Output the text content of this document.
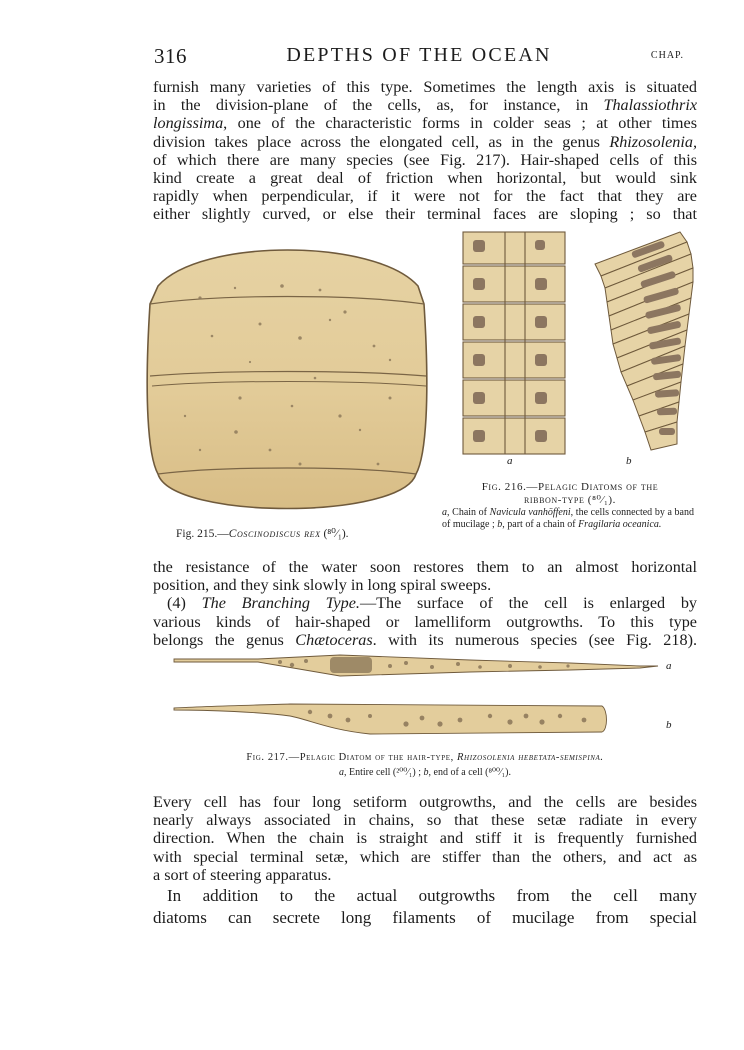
316	DEPTHS OF THE OCEAN	CHAP.
furnish many varieties of this type. Sometimes the length axis is situated
in the division-plane of the cells, as, for instance, in Thalassiothrix
longissima, one of the characteristic forms in colder seas ; at other times
division takes place across the elongated cell, as in the genus Rhizosolenia,
of which there are many species (see Fig. 217). Hair-shaped cells of this
kind create a great deal of friction when horizontal, but would sink
rapidly when perpendicular, if it were not for the fact that they are
either slightly curved, or else their terminal faces are sloping ; so that
Fig. 215.—Coscinodiscus rex (⁸⁰⁄₁).
a	b
Fig. 216.—Pelagic Diatoms of the
ribbon-type (⁸⁰⁄₁).
a, Chain of Navicula vanhöffeni, the cells connected by a band of mucilage ; b, part of a chain of Fragilaria oceanica.
the resistance of the water soon restores them to an almost horizontal
position, and they sink slowly in long spiral sweeps.
(4) The Branching Type.—The surface of the cell is enlarged by
various kinds of hair-shaped or lamelliform outgrowths. To this type
belongs the genus Chætoceras. with its numerous species (see Fig. 218).
a
b
Fig. 217.—Pelagic Diatom of the hair-type, Rhizosolenia hebetata-semispina.
a, Entire cell (²⁰⁰⁄₁) ; b, end of a cell (⁸⁰⁰⁄₁).
Every cell has four long setiform outgrowths, and the cells are besides
nearly always associated in chains, so that these setæ radiate in every
direction. When the chain is straight and stiff it is frequently furnished
with special terminal setæ, which are stiffer than the others, and act as
a sort of steering apparatus.
In addition to the actual outgrowths from the cell many
diatoms can secrete long filaments of mucilage from special
